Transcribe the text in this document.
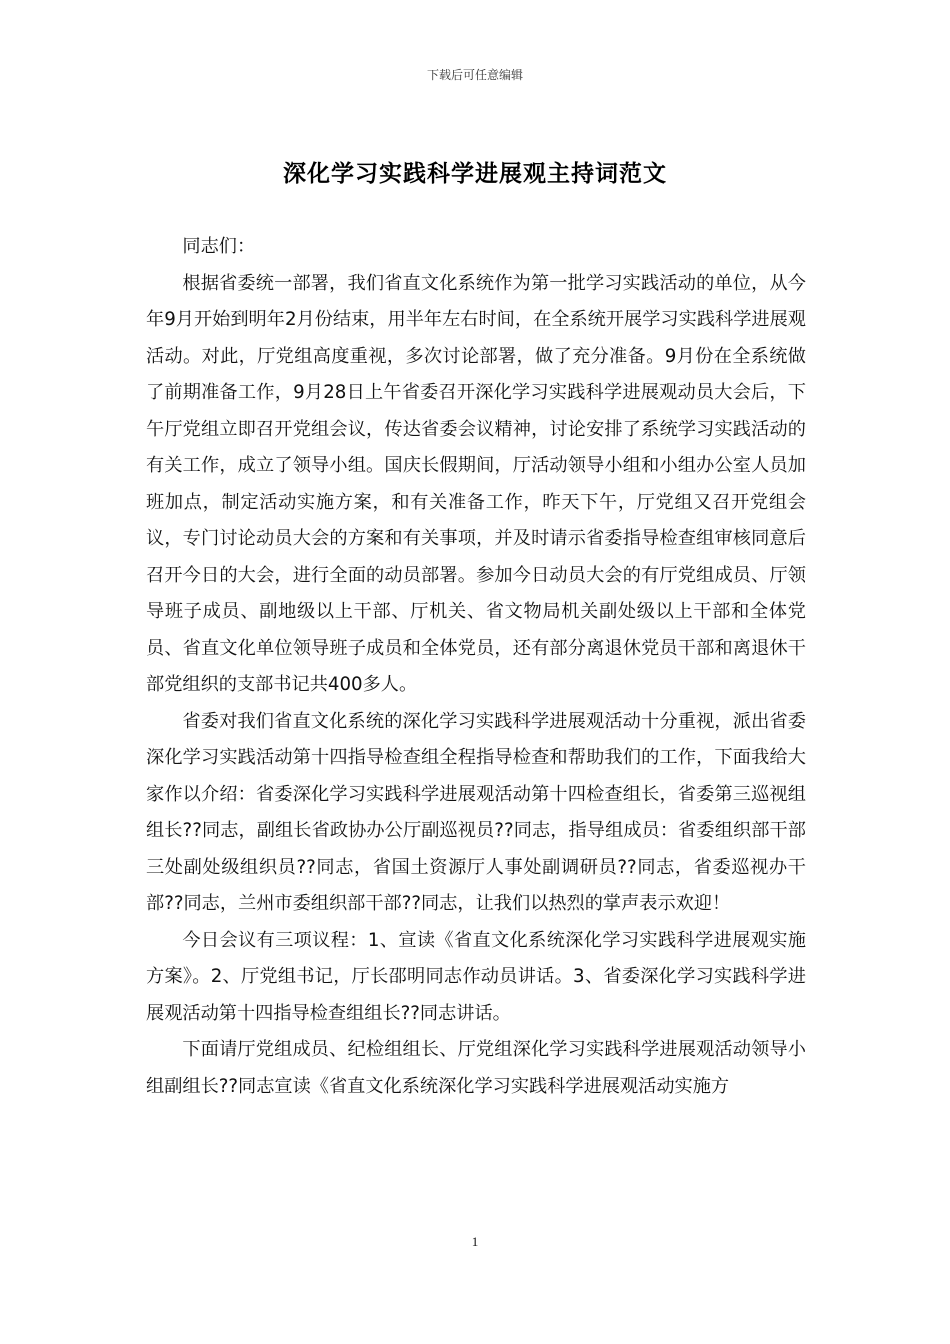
下载后可任意编辑
深化学习实践科学进展观主持词范文

同志们：

根据省委统一部署，我们省直文化系统作为第一批学习实践活动的单位，从今年9月开始到明年2月份结束，用半年左右时间，在全系统开展学习实践科学进展观活动。对此，厅党组高度重视，多次讨论部署，做了充分准备。9月份在全系统做了前期准备工作，9月28日上午省委召开深化学习实践科学进展观动员大会后，下午厅党组立即召开党组会议，传达省委会议精神，讨论安排了系统学习实践活动的有关工作，成立了领导小组。国庆长假期间，厅活动领导小组和小组办公室人员加班加点，制定活动实施方案，和有关准备工作，昨天下午，厅党组又召开党组会议，专门讨论动员大会的方案和有关事项，并及时请示省委指导检查组审核同意后召开今日的大会，进行全面的动员部署。参加今日动员大会的有厅党组成员、厅领导班子成员、副地级以上干部、厅机关、省文物局机关副处级以上干部和全体党员、省直文化单位领导班子成员和全体党员，还有部分离退休党员干部和离退休干部党组织的支部书记共400多人。

省委对我们省直文化系统的深化学习实践科学进展观活动十分重视，派出省委深化学习实践活动第十四指导检查组全程指导检查和帮助我们的工作，下面我给大家作以介绍：省委深化学习实践科学进展观活动第十四检查组长，省委第三巡视组组长??同志，副组长省政协办公厅副巡视员??同志，指导组成员：省委组织部干部三处副处级组织员??同志，省国土资源厅人事处副调研员??同志，省委巡视办干部??同志，兰州市委组织部干部??同志，让我们以热烈的掌声表示欢迎！

今日会议有三项议程：1、宣读《省直文化系统深化学习实践科学进展观实施方案》。2、厅党组书记，厅长邵明同志作动员讲话。3、省委深化学习实践科学进展观活动第十四指导检查组组长??同志讲话。

下面请厅党组成员、纪检组组长、厅党组深化学习实践科学进展观活动领导小组副组长??同志宣读《省直文化系统深化学习实践科学进展观活动实施方

1
